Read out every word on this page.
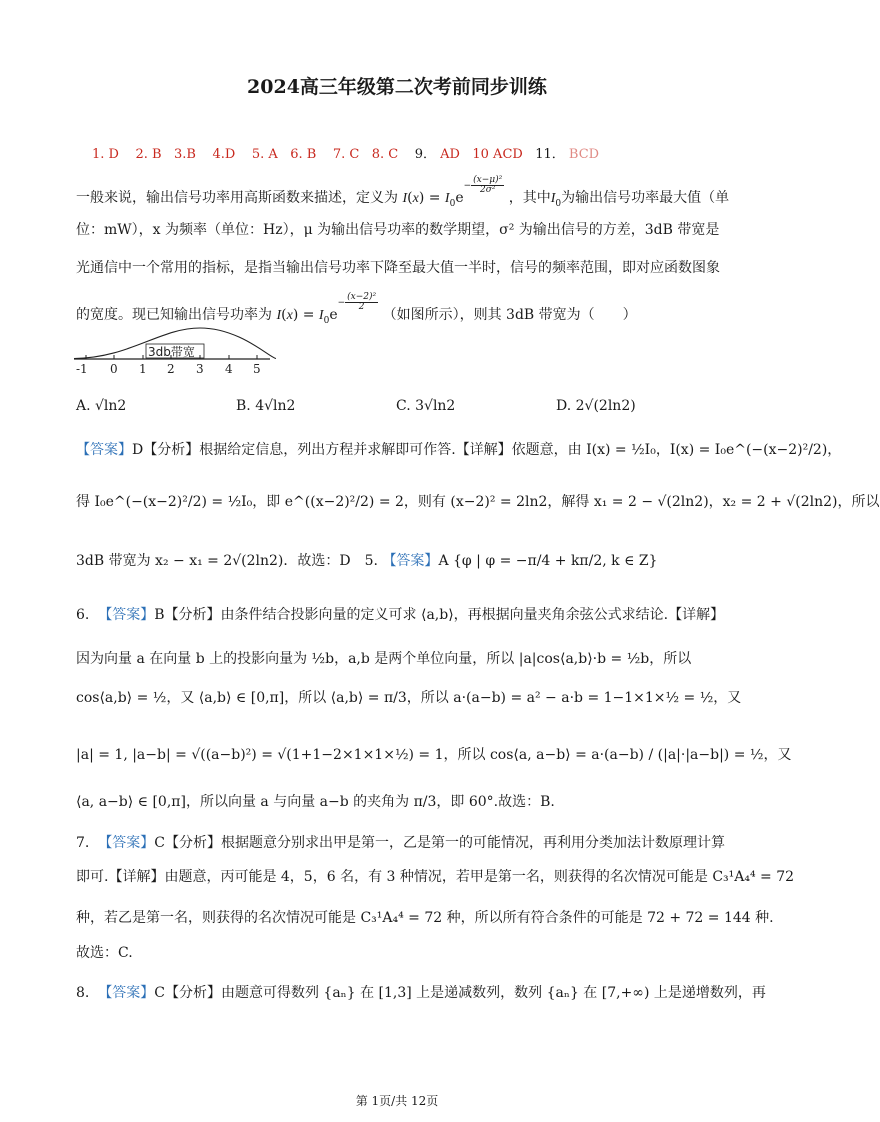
2024高三年级第二次考前同步训练
1. D 2. B 3.B 4.D 5. A 6. B 7. C 8. C 9． AD 10 ACD 11． BCD
一般来说，输出信号功率用高斯函数来描述，定义为 $I(x) = I_0e^{- \frac{\text{(x−μ)²}}{\text{2σ²}}}$
，其中$I_0$为输出信号功率最大值（单
位：mW），x 为频率（单位：Hz），μ 为输出信号功率的数学期望，σ² 为输出信号的方差，3dB 带宽是
光通信中一个常用的指标，是指当输出信号功率下降至最大值一半时，信号的频率范围，即对应函数图象
的宽度。现已知输出信号功率为 $I(x) = I_0e^{- \frac{\text{(x−2)²}}{2}}$
（如图所示），则其 3dB 带宽为（　　）
3db带宽
-1 0 1 2 3 4 5
A. √ln2	B. 4√ln2	C. 3√ln2	D. 2√(2ln2)
【答案】D【分析】根据给定信息，列出方程并求解即可作答.【详解】依题意，由 I(x) = ½I₀，I(x) = I₀e^(−(x−2)²/2)，
得 I₀e^(−(x−2)²/2) = ½I₀，即 e^((x−2)²/2) = 2，则有 (x−2)² = 2ln2，解得 x₁ = 2 − √(2ln2)，x₂ = 2 + √(2ln2)，所以
3dB 带宽为 x₂ − x₁ = 2√(2ln2)．故选：D　5. 【答案】A {φ | φ = −π/4 + kπ/2, k ∈ Z}
6. 【答案】B【分析】由条件结合投影向量的定义可求 ⟨a,b⟩，再根据向量夹角余弦公式求结论.【详解】
因为向量 a 在向量 b 上的投影向量为 ½b，a,b 是两个单位向量，所以 |a|cos⟨a,b⟩·b = ½b，所以
cos⟨a,b⟩ = ½，又 ⟨a,b⟩ ∈ [0,π]，所以 ⟨a,b⟩ = π/3，所以 a·(a−b) = a² − a·b = 1−1×1×½ = ½，又
|a| = 1, |a−b| = √((a−b)²) = √(1+1−2×1×1×½) = 1，所以 cos⟨a, a−b⟩ = a·(a−b) / (|a|·|a−b|) = ½，又
⟨a, a−b⟩ ∈ [0,π]，所以向量 a 与向量 a−b 的夹角为 π/3，即 60°.故选：B.
7. 【答案】C【分析】根据题意分别求出甲是第一，乙是第一的可能情况，再利用分类加法计数原理计算
即可.【详解】由题意，丙可能是 4，5，6 名，有 3 种情况，若甲是第一名，则获得的名次情况可能是 C₃¹A₄⁴ = 72
种，若乙是第一名，则获得的名次情况可能是 C₃¹A₄⁴ = 72 种，所以所有符合条件的可能是 72 + 72 = 144 种.
故选：C.
8. 【答案】C【分析】由题意可得数列 {aₙ} 在 [1,3] 上是递减数列，数列 {aₙ} 在 [7,+∞) 上是递增数列，再
第 1页/共 12页
